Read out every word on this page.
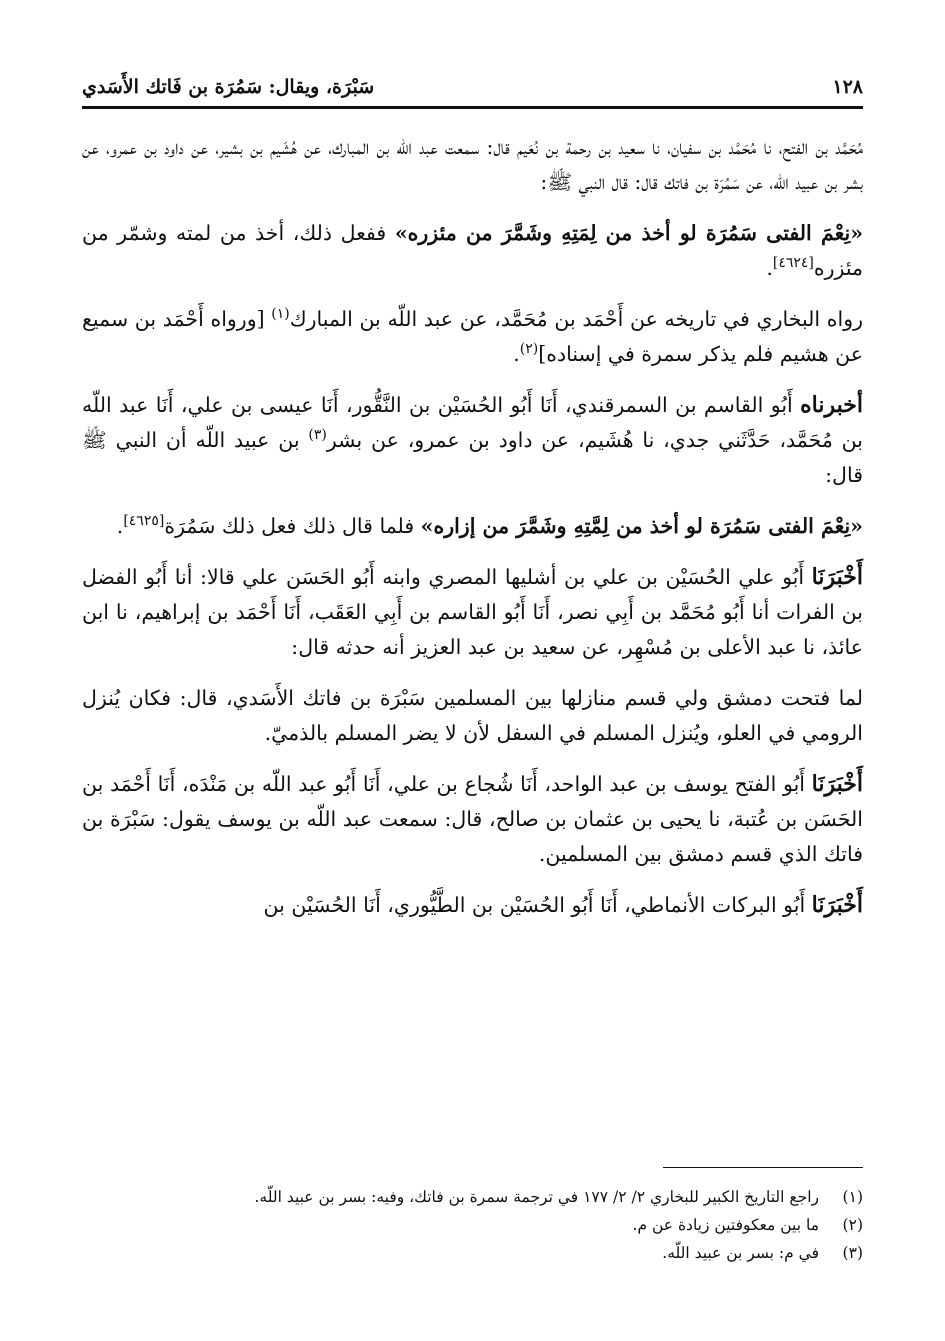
١٢٨
سَبْرَة، ويقال: سَمُرَة بن فَاتك الأَسَدي

مُحَمَّد بن الفتح، نا مُحَمَّد بن سفيان، نا سعيد بن رحمة بن نُعَيم قال: سمعت عبد اللّه بن المبارك، عن هُشَيم بن بشير، عن داود بن عمرو، عن بشر بن عبيد اللّه، عن سَمُرَة بن فاتك قال: قال النبي ﷺ:

«نِعْمَ الفتى سَمُرَة لو أخذ من لِمَتِهِ وشَمَّرَ من مئزره» ففعل ذلك، أخذ من لمته وشمّر من مئزره[٤٦٢٤].

رواه البخاري في تاريخه عن أَحْمَد بن مُحَمَّد، عن عبد اللّه بن المبارك$^{(١)}$ [ورواه أَحْمَد بن سميع عن هشيم فلم يذكر سمرة في إسناده]$^{(٢)}$.

أخبرناه أَبُو القاسم بن السمرقندي، أَنَا أَبُو الحُسَيْن بن النَّقُّور، أَنَا عيسى بن علي، أَنَا عبد اللّه بن مُحَمَّد، حَدَّثَني جدي، نا هُشَيم، عن داود بن عمرو، عن بشر$^{(٣)}$ بن عبيد اللّه أن النبي ﷺ قال:

«نِعْمَ الفتى سَمُرَة لو أخذ من لِمَّتِهِ وشَمَّرَ من إزاره» فلما قال ذلك فعل ذلك سَمُرَة[٤٦٢٥].

أَخْبَرَنَا أَبُو علي الحُسَيْن بن علي بن أشليها المصري وابنه أَبُو الحَسَن علي قالا: أنا أَبُو الفضل بن الفرات أنا أَبُو مُحَمَّد بن أَبِي نصر، أَنَا أَبُو القاسم بن أَبِي العَقَب، أَنَا أَحْمَد بن إبراهيم، نا ابن عائذ، نا عبد الأعلى بن مُسْهِر، عن سعيد بن عبد العزيز أنه حدثه قال:

لما فتحت دمشق ولي قسم منازلها بين المسلمين سَبْرَة بن فاتك الأَسَدي، قال: فكان يُنزل الرومي في العلو، ويُنزل المسلم في السفل لأن لا يضر المسلم بالذميّ.

أَخْبَرَنَا أَبُو الفتح يوسف بن عبد الواحد، أَنَا شُجاع بن علي، أَنَا أَبُو عبد اللّه بن مَنْدَه، أَنَا أَحْمَد بن الحَسَن بن عُتبة، نا يحيى بن عثمان بن صالح، قال: سمعت عبد اللّه بن يوسف يقول: سَبْرَة بن فاتك الذي قسم دمشق بين المسلمين.

أَخْبَرَنَا أَبُو البركات الأنماطي، أَنَا أَبُو الحُسَيْن بن الطَّيُّوري، أَنَا الحُسَيْن بن

(١)
راجع التاريخ الكبير للبخاري ٢/ ٢/ ١٧٧ في ترجمة سمرة بن فاتك، وفيه: بسر بن عبيد اللّه.
(٢)
ما بين معكوفتين زيادة عن م.
(٣)
في م: بسر بن عبيد اللّه.
